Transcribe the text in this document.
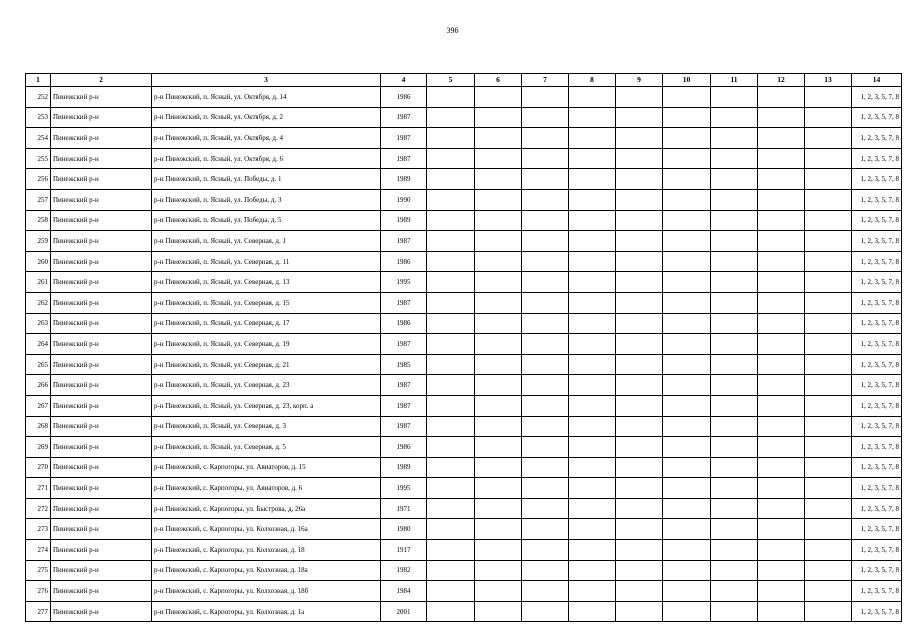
396
1	2	3	4	5	6	7	8	9	10	11	12	13	14
252	Пинежский р-н	р-н Пинежский, п. Ясный, ул. Октября, д. 14	1986										1, 2, 3, 5, 7, 8
253	Пинежский р-н	р-н Пинежский, п. Ясный, ул. Октября, д. 2	1987										1, 2, 3, 5, 7, 8
254	Пинежский р-н	р-н Пинежский, п. Ясный, ул. Октября, д. 4	1987										1, 2, 3, 5, 7, 8
255	Пинежский р-н	р-н Пинежский, п. Ясный, ул. Октября, д. 6	1987										1, 2, 3, 5, 7, 8
256	Пинежский р-н	р-н Пинежский, п. Ясный, ул. Победы, д. 1	1989										1, 2, 3, 5, 7, 8
257	Пинежский р-н	р-н Пинежский, п. Ясный, ул. Победы, д. 3	1990										1, 2, 3, 5, 7, 8
258	Пинежский р-н	р-н Пинежский, п. Ясный, ул. Победы, д. 5	1989										1, 2, 3, 5, 7, 8
259	Пинежский р-н	р-н Пинежский, п. Ясный, ул. Северная, д. 1	1987										1, 2, 3, 5, 7, 8
260	Пинежский р-н	р-н Пинежский, п. Ясный, ул. Северная, д. 11	1986										1, 2, 3, 5, 7, 8
261	Пинежский р-н	р-н Пинежский, п. Ясный, ул. Северная, д. 13	1995										1, 2, 3, 5, 7, 8
262	Пинежский р-н	р-н Пинежский, п. Ясный, ул. Северная, д. 15	1987										1, 2, 3, 5, 7, 8
263	Пинежский р-н	р-н Пинежский, п. Ясный, ул. Северная, д. 17	1986										1, 2, 3, 5, 7, 8
264	Пинежский р-н	р-н Пинежский, п. Ясный, ул. Северная, д. 19	1987										1, 2, 3, 5, 7, 8
265	Пинежский р-н	р-н Пинежский, п. Ясный, ул. Северная, д. 21	1985										1, 2, 3, 5, 7, 8
266	Пинежский р-н	р-н Пинежский, п. Ясный, ул. Северная, д. 23	1987										1, 2, 3, 5, 7, 8
267	Пинежский р-н	р-н Пинежский, п. Ясный, ул. Северная, д. 23, корп. а	1987										1, 2, 3, 5, 7, 8
268	Пинежский р-н	р-н Пинежский, п. Ясный, ул. Северная, д. 3	1987										1, 2, 3, 5, 7, 8
269	Пинежский р-н	р-н Пинежский, п. Ясный, ул. Северная, д. 5	1986										1, 2, 3, 5, 7, 8
270	Пинежский р-н	р-н Пинежский, с. Карпогоры, ул. Авиаторов, д. 15	1989										1, 2, 3, 5, 7, 8
271	Пинежский р-н	р-н Пинежский, с. Карпогоры, ул. Авиаторов, д. 6	1995										1, 2, 3, 5, 7, 8
272	Пинежский р-н	р-н Пинежский, с. Карпогоры, ул. Быстрова, д. 26а	1971										1, 2, 3, 5, 7, 8
273	Пинежский р-н	р-н Пинежский, с. Карпогоры, ул. Колхозная, д. 16а	1980										1, 2, 3, 5, 7, 8
274	Пинежский р-н	р-н Пинежский, с. Карпогоры, ул. Колхозная, д. 18	1917										1, 2, 3, 5, 7, 8
275	Пинежский р-н	р-н Пинежский, с. Карпогоры, ул. Колхозная, д. 18а	1982										1, 2, 3, 5, 7, 8
276	Пинежский р-н	р-н Пинежский, с. Карпогоры, ул. Колхозная, д. 18б	1984										1, 2, 3, 5, 7, 8
277	Пинежский р-н	р-н Пинежский, с. Карпогоры, ул. Колхозная, д. 1а	2001										1, 2, 3, 5, 7, 8
